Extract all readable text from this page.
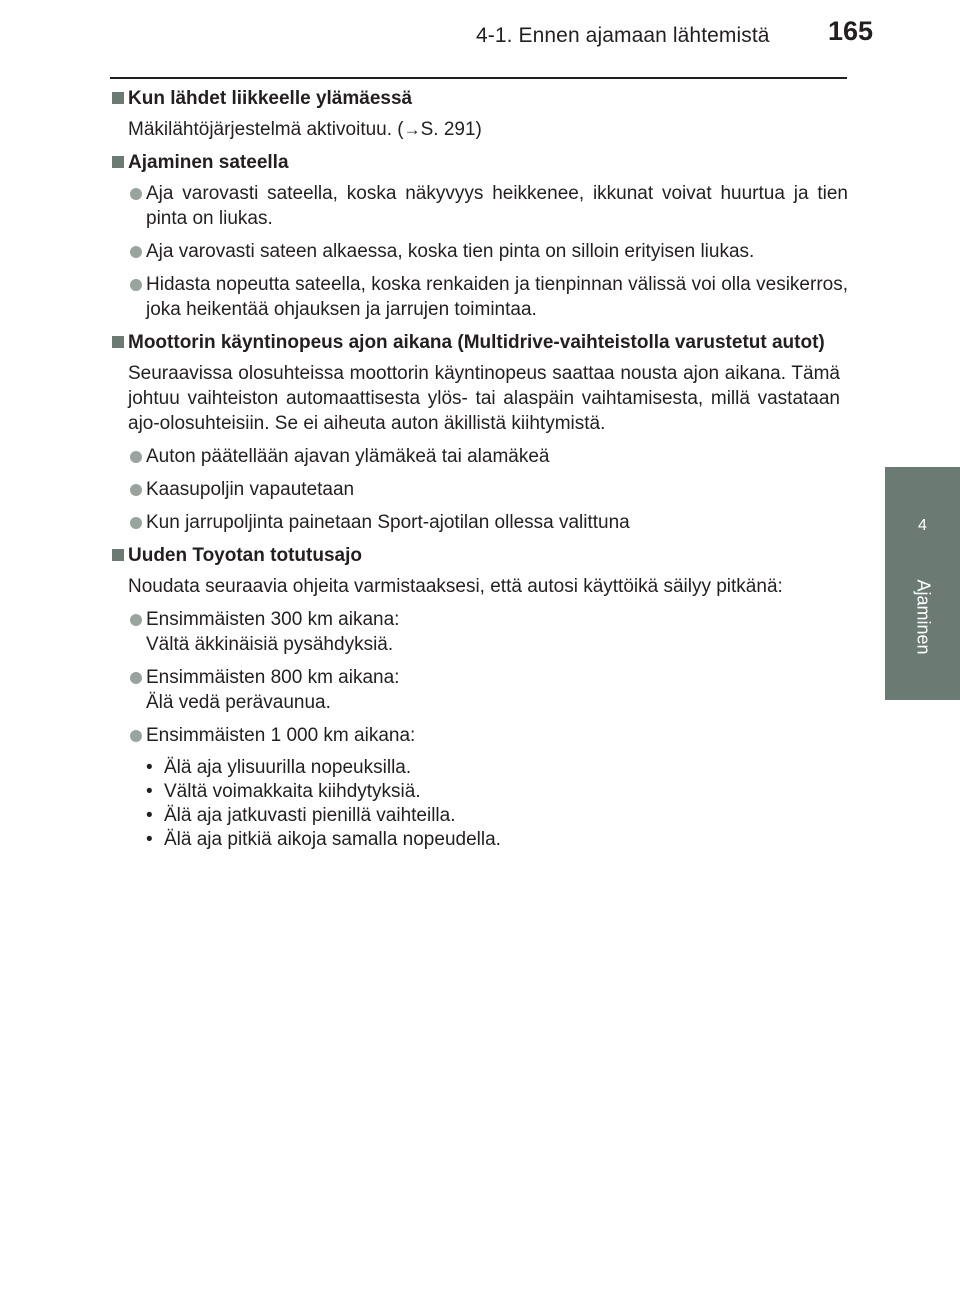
4-1. Ennen ajamaan lähtemistä 165
4
Ajaminen
Kun lähdet liikkeelle ylämäessä
Mäkilähtöjärjestelmä aktivoituu. (→S. 291)
Ajaminen sateella
Aja varovasti sateella, koska näkyvyys heikkenee, ikkunat voivat huurtua ja tien pinta on liukas.
Aja varovasti sateen alkaessa, koska tien pinta on silloin erityisen liukas.
Hidasta nopeutta sateella, koska renkaiden ja tienpinnan välissä voi olla vesikerros, joka heikentää ohjauksen ja jarrujen toimintaa.
Moottorin käyntinopeus ajon aikana (Multidrive-vaihteistolla varustetut autot)
Seuraavissa olosuhteissa moottorin käyntinopeus saattaa nousta ajon aikana. Tämä johtuu vaihteiston automaattisesta ylös- tai alaspäin vaihtamisesta, millä vastataan ajo-olosuhteisiin. Se ei aiheuta auton äkillistä kiihtymistä.
Auton päätellään ajavan ylämäkeä tai alamäkeä
Kaasupoljin vapautetaan
Kun jarrupoljinta painetaan Sport-ajotilan ollessa valittuna
Uuden Toyotan totutusajo
Noudata seuraavia ohjeita varmistaaksesi, että autosi käyttöikä säilyy pitkänä:
Ensimmäisten 300 km aikana:
Vältä äkkinäisiä pysähdyksiä.
Ensimmäisten 800 km aikana:
Älä vedä perävaunua.
Ensimmäisten 1 000 km aikana:
• Älä aja ylisuurilla nopeuksilla.
• Vältä voimakkaita kiihdytyksiä.
• Älä aja jatkuvasti pienillä vaihteilla.
• Älä aja pitkiä aikoja samalla nopeudella.
